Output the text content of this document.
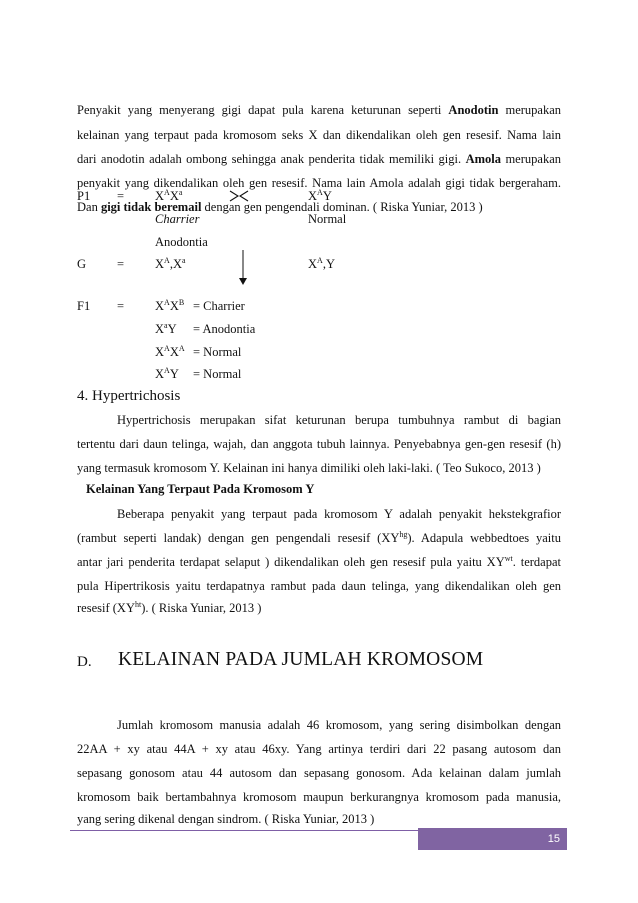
Penyakit yang menyerang gigi dapat pula karena keturunan seperti Anodotin merupakan
kelainan yang terpaut pada kromosom seks X dan dikendalikan oleh gen resesif. Nama lain
dari anodotin adalah ombong sehingga anak penderita tidak memiliki gigi. Amola merupakan
penyakit yang dikendalikan oleh gen resesif. Nama lain Amola adalah gigi tidak bergeraham.
Dan gigi tidak beremail dengan gen pengendali dominan. ( Riska Yuniar, 2013 )
$P1 = X^AX^a$	$X^AY$
Charrier	Normal
Anodontia
$G = X^A,X^a$	$X^A,Y$
$F1 = X^AX^B$ = Charrier
$X^aY$ = Anodontia
$X^AX^A$ = Normal
$X^AY$ = Normal
4. Hypertrichosis
Hypertrichosis merupakan sifat keturunan berupa tumbuhnya rambut di bagian
tertentu dari daun telinga, wajah, dan anggota tubuh lainnya. Penyebabnya gen-gen resesif (h)
yang termasuk kromosom Y. Kelainan ini hanya dimiliki oleh laki-laki. ( Teo Sukoco, 2013 )
Kelainan Yang Terpaut Pada Kromosom Y
Beberapa penyakit yang terpaut pada kromosom Y adalah penyakit hekstekgrafior
(rambut seperti landak) dengan gen pengendali resesif $(XY^{hg})$. Adapula webbedtoes yaitu
antar jari penderita terdapat selaput ) dikendalikan oleh gen resesif pula yaitu $XY^{wt}$. terdapat
pula Hipertrikosis yaitu terdapatnya rambut pada daun telinga, yang dikendalikan oleh gen
resesif $(XY^{ht})$. ( Riska Yuniar, 2013 )
D. KELAINAN PADA JUMLAH KROMOSOM
Jumlah kromosom manusia adalah 46 kromosom, yang sering disimbolkan dengan
22AA + xy atau 44A + xy atau 46xy. Yang artinya terdiri dari 22 pasang autosom dan
sepasang gonosom atau 44 autosom dan sepasang gonosom. Ada kelainan dalam jumlah
kromosom baik bertambahnya kromosom maupun berkurangnya kromosom pada manusia,
yang sering dikenal dengan sindrom. ( Riska Yuniar, 2013 )
15
